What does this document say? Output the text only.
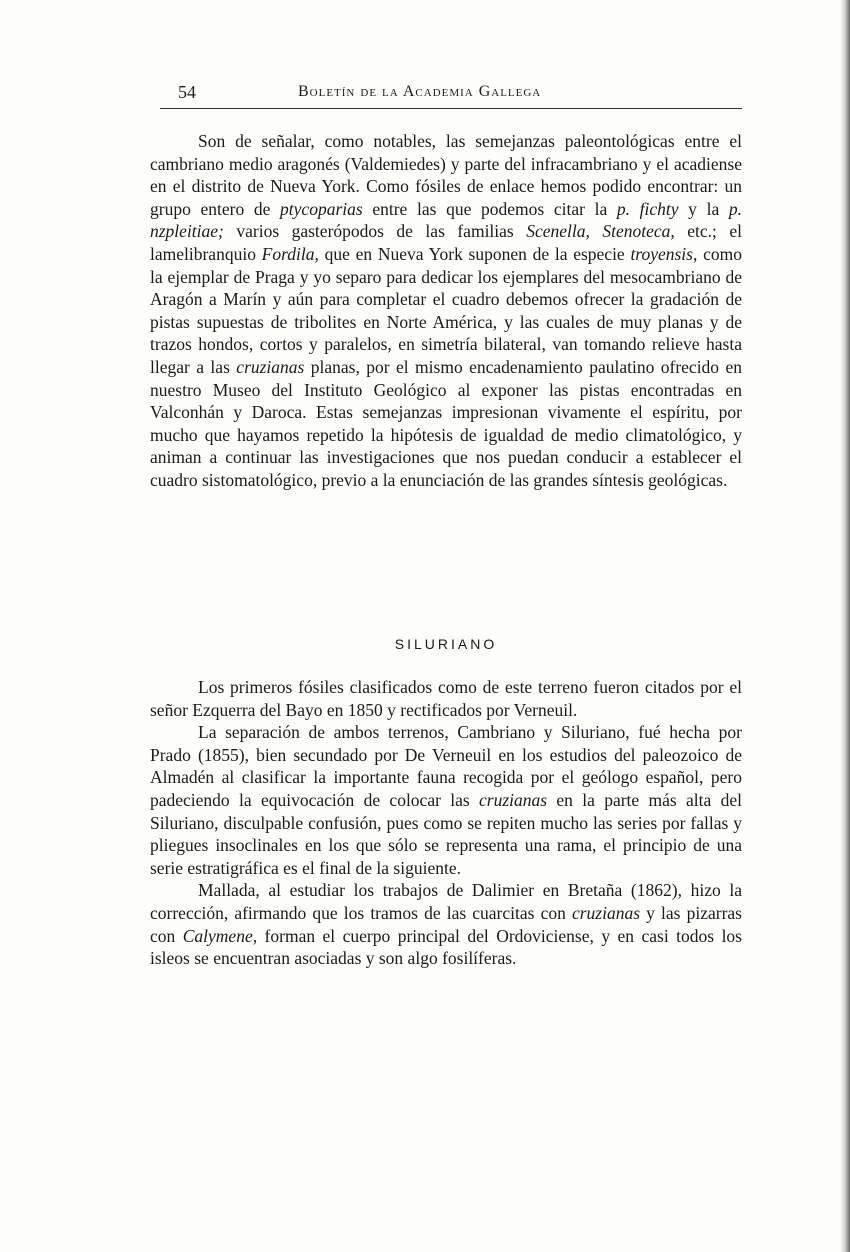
54	Boletín de la Academia Gallega

Son de señalar, como notables, las semejanzas paleontológicas entre el cambriano medio aragonés (Valdemiedes) y parte del infracambriano y el acadiense en el distrito de Nueva York. Como fósiles de enlace hemos podido encontrar: un grupo entero de ptycoparias entre las que podemos citar la p. fichty y la p. nzpleitiae; varios gasterópodos de las familias Scenella, Stenoteca, etc.; el lamelibranquio Fordila, que en Nueva York suponen de la especie troyensis, como la ejemplar de Praga y yo separo para dedicar los ejemplares del mesocambriano de Aragón a Marín y aún para completar el cuadro debemos ofrecer la gradación de pistas supuestas de tribolites en Norte América, y las cuales de muy planas y de trazos hondos, cortos y paralelos, en simetría bilateral, van tomando relieve hasta llegar a las cruzianas planas, por el mismo encadenamiento paulatino ofrecido en nuestro Museo del Instituto Geológico al exponer las pistas encontradas en Valconhán y Daroca. Estas semejanzas impresionan vivamente el espíritu, por mucho que hayamos repetido la hipótesis de igualdad de medio climatológico, y animan a continuar las investigaciones que nos puedan conducir a establecer el cuadro sistomatológico, previo a la enunciación de las grandes síntesis geológicas.

SILURIANO

Los primeros fósiles clasificados como de este terreno fueron citados por el señor Ezquerra del Bayo en 1850 y rectificados por Verneuil.

La separación de ambos terrenos, Cambriano y Siluriano, fué hecha por Prado (1855), bien secundado por De Verneuil en los estudios del paleozoico de Almadén al clasificar la importante fauna recogida por el geólogo español, pero padeciendo la equivocación de colocar las cruzianas en la parte más alta del Siluriano, disculpable confusión, pues como se repiten mucho las series por fallas y pliegues insoclinales en los que sólo se representa una rama, el principio de una serie estratigráfica es el final de la siguiente.

Mallada, al estudiar los trabajos de Dalimier en Bretaña (1862), hizo la corrección, afirmando que los tramos de las cuarcitas con cruzianas y las pizarras con Calymene, forman el cuerpo principal del Ordoviciense, y en casi todos los isleos se encuentran asociadas y son algo fosilíferas.
